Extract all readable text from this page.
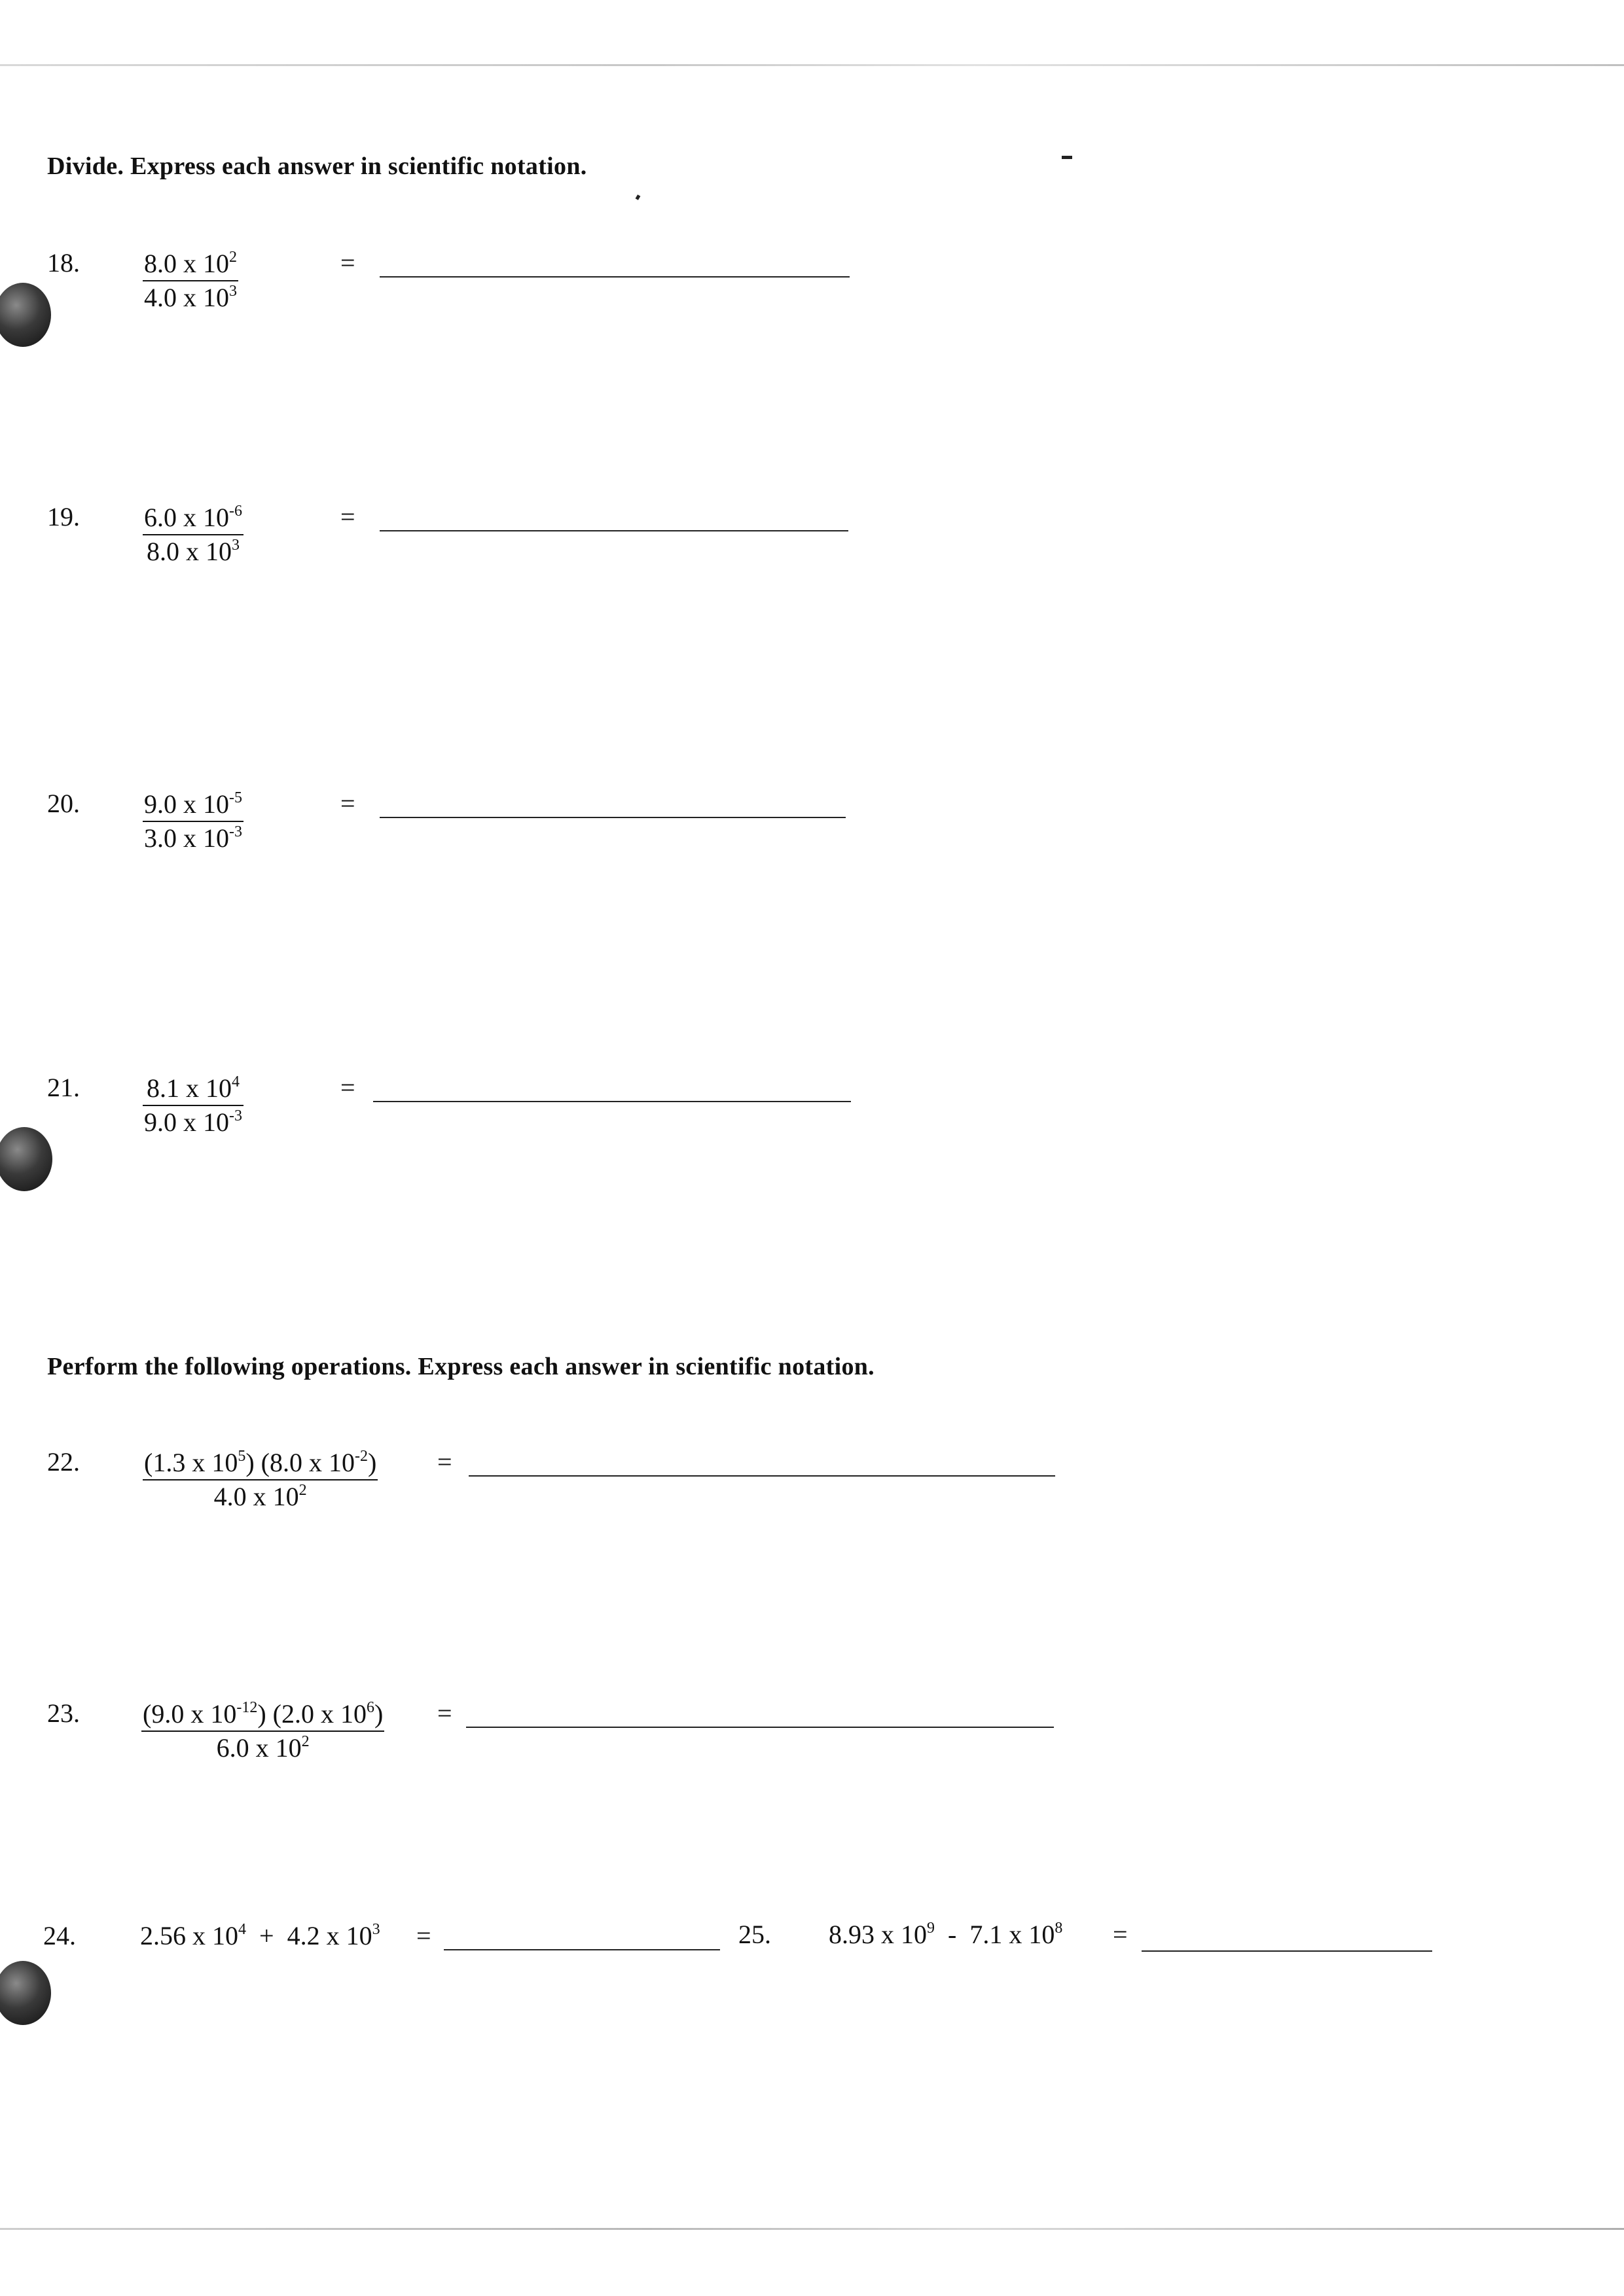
Divide. Express each answer in scientific notation.
18. $\frac{8.0 x 10^2}{4.0 x 10^3}$	=
19. $\frac{6.0 x 10^{-6}}{8.0 x 10^3}$	=
20. $\frac{9.0 x 10^{-5}}{3.0 x 10^{-3}}$	=
21. $\frac{8.1 x 10^4}{9.0 x 10^{-3}}$	=
Perform the following operations. Express each answer in scientific notation.
22. $\frac{(1.3 x 10^5) (8.0 x 10^{-2})}{4.0 x 10^2}$ =
23. $\frac{(9.0 x 10^{-12}) (2.0 x 10^6)}{6.0 x 10^2}$ =
24. 2.56 x $10^4 + 4.2$ x $10^3$ =	25. 8.93 x $10^9 - 7.1$ x $10^8$ =
